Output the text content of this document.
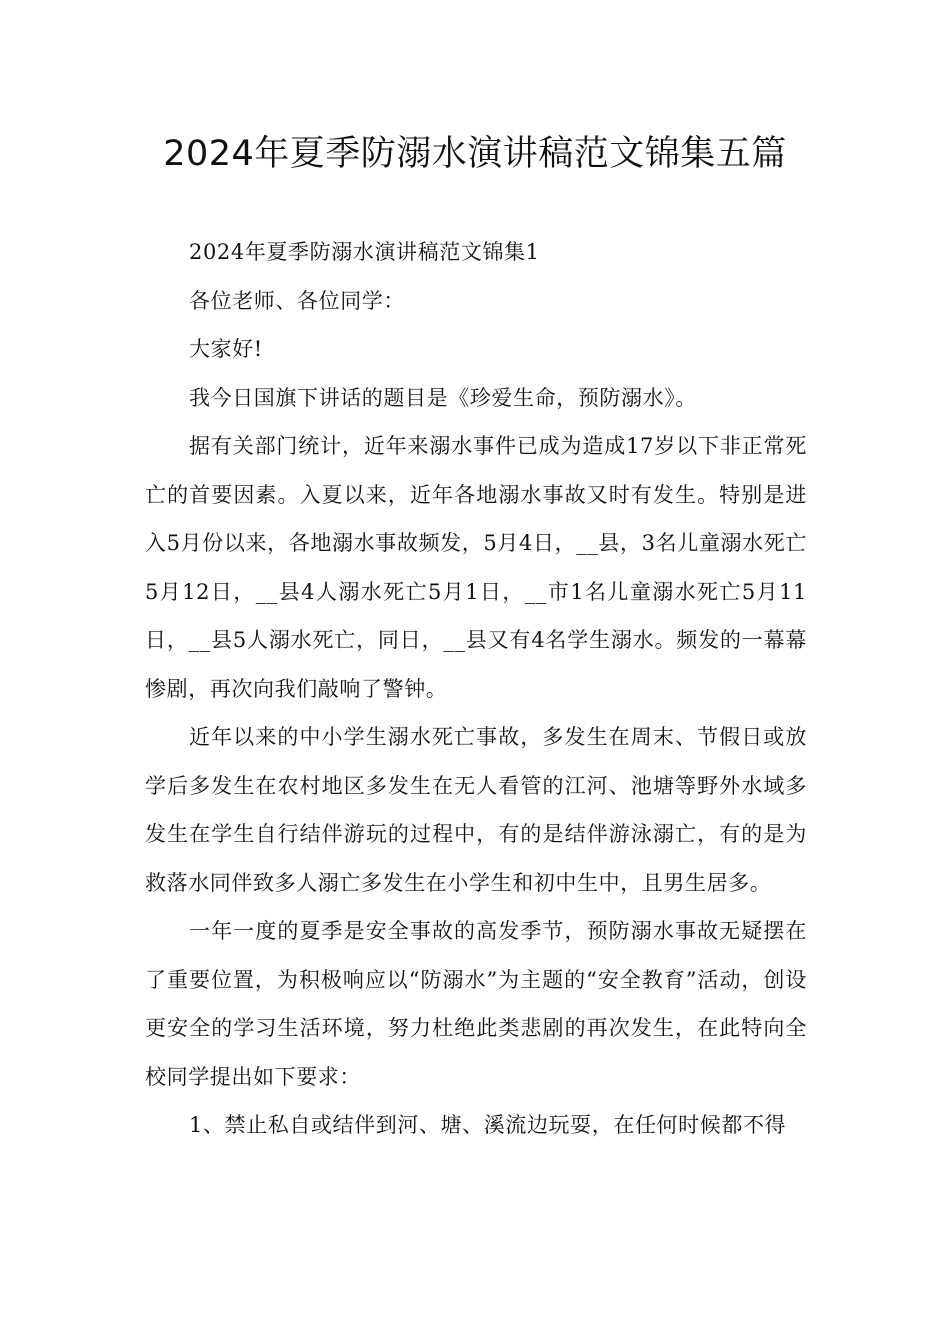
2024年夏季防溺水演讲稿范文锦集五篇

2024年夏季防溺水演讲稿范文锦集1

各位老师、各位同学：

大家好!

我今日国旗下讲话的题目是《珍爱生命，预防溺水》。

据有关部门统计，近年来溺水事件已成为造成17岁以下非正常死亡的首要因素。入夏以来，近年各地溺水事故又时有发生。特别是进入5月份以来，各地溺水事故频发，5月4日，__县，3名儿童溺水死亡5月12日，__县4人溺水死亡5月1日，__市1名儿童溺水死亡5月11日，__县5人溺水死亡，同日，__县又有4名学生溺水。频发的一幕幕惨剧，再次向我们敲响了警钟。

近年以来的中小学生溺水死亡事故，多发生在周末、节假日或放学后多发生在农村地区多发生在无人看管的江河、池塘等野外水域多发生在学生自行结伴游玩的过程中，有的是结伴游泳溺亡，有的是为救落水同伴致多人溺亡多发生在小学生和初中生中，且男生居多。

一年一度的夏季是安全事故的高发季节，预防溺水事故无疑摆在了重要位置，为积极响应以“防溺水”为主题的“安全教育”活动，创设更安全的学习生活环境，努力杜绝此类悲剧的再次发生，在此特向全校同学提出如下要求：

1、禁止私自或结伴到河、塘、溪流边玩耍，在任何时候都不得
